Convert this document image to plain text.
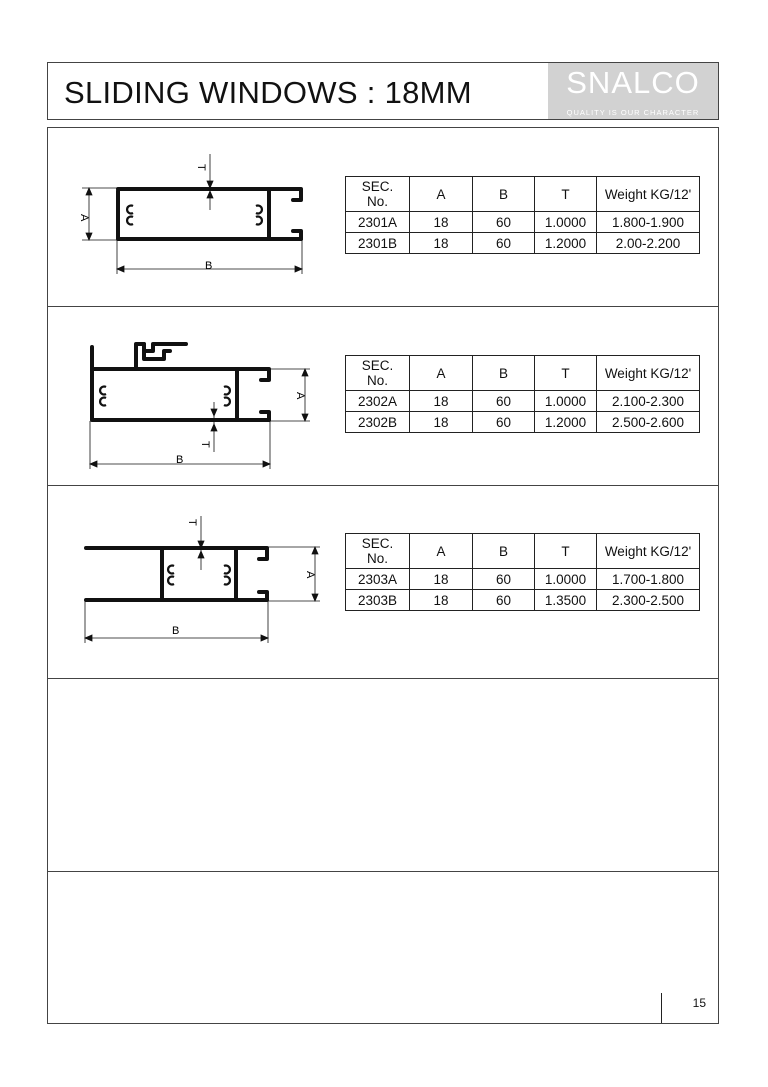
SLIDING WINDOWS : 18MM	SNALCO
QUALITY IS OUR CHARACTER
T
A
B
SEC.
No.	A	B	T	Weight KG/12'
2301A	18	60	1.0000	1.800-1.900
2301B	18	60	1.2000	2.00-2.200
T
A
B
SEC.
No.	A	B	T	Weight KG/12'
2302A	18	60	1.0000	2.100-2.300
2302B	18	60	1.2000	2.500-2.600
T
A
B
SEC.
No.	A	B	T	Weight KG/12'
2303A	18	60	1.0000	1.700-1.800
2303B	18	60	1.3500	2.300-2.500
15
